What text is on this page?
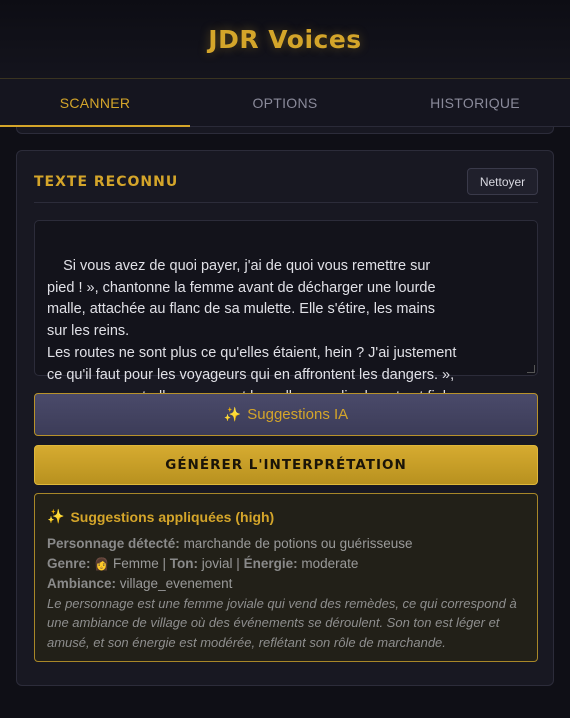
JDR Voices
SCANNER	OPTIONS	HISTORIQUE
TEXTE RECONNU	Nettoyer

Si vous avez de quoi payer, j'ai de quoi vous remettre sur
pied ! », chantonne la femme avant de décharger une lourde
malle, attachée au flanc de sa mulette. Elle s'étire, les mains
sur les reins.
Les routes ne sont plus ce qu'elles étaient, hein ? J'ai justement
ce qu'il faut pour les voyageurs qui en affrontent les dangers. »,

✨ Suggestions IA
GÉNÉRER L'INTERPRÉTATION
✨ Suggestions appliquées (high)
Personnage détecté: marchande de potions ou guérisseuse
Genre: 👩 Femme | Ton: jovial | Énergie: moderate
Ambiance: village_evenement
Le personnage est une femme joviale qui vend des remèdes, ce qui correspond à une ambiance de village où des événements se déroulent. Son ton est léger et amusé, et son énergie est modérée, reflétant son rôle de marchande.
